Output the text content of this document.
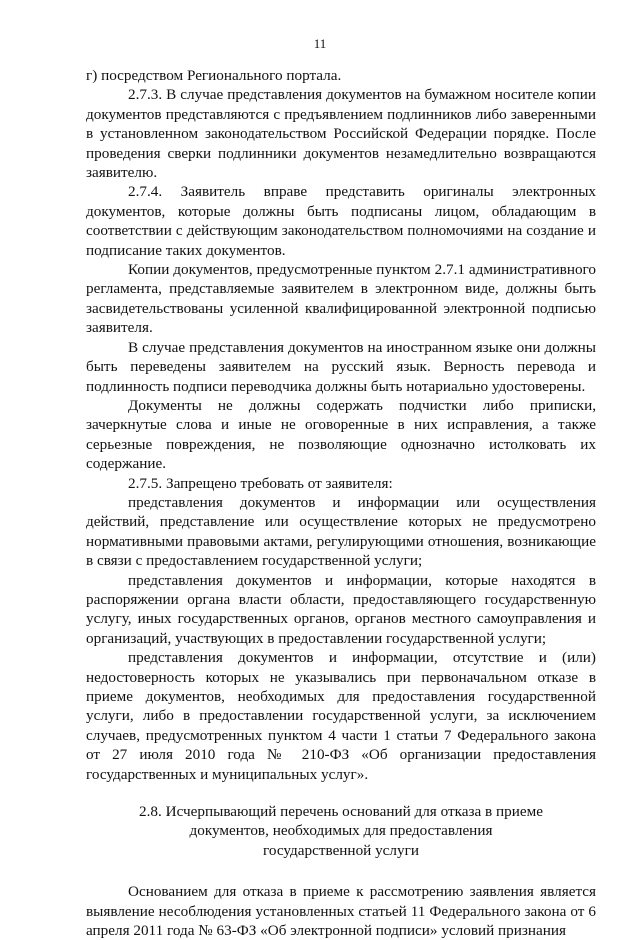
11

г) посредством Регионального портала.

2.7.3. В случае представления документов на бумажном носителе копии документов представляются с предъявлением подлинников либо заверенными в установленном законодательством Российской Федерации порядке. После проведения сверки подлинники документов незамедлительно возвращаются заявителю.

2.7.4. Заявитель вправе представить оригиналы электронных документов, которые должны быть подписаны лицом, обладающим в соответствии с действующим законодательством полномочиями на создание и подписание таких документов.

Копии документов, предусмотренные пунктом 2.7.1 административного регламента, представляемые заявителем в электронном виде, должны быть засвидетельствованы усиленной квалифицированной электронной подписью заявителя.

В случае представления документов на иностранном языке они должны быть переведены заявителем на русский язык. Верность перевода и подлинность подписи переводчика должны быть нотариально удостоверены.

Документы не должны содержать подчистки либо приписки, зачеркнутые слова и иные не оговоренные в них исправления, а также серьезные повреждения, не позволяющие однозначно истолковать их содержание.

2.7.5. Запрещено требовать от заявителя:

представления документов и информации или осуществления действий, представление или осуществление которых не предусмотрено нормативными правовыми актами, регулирующими отношения, возникающие в связи с предоставлением государственной услуги;

представления документов и информации, которые находятся в распоряжении органа власти области, предоставляющего государственную услугу, иных государственных органов, органов местного самоуправления и организаций, участвующих в предоставлении государственной услуги;

представления документов и информации, отсутствие и (или) недостоверность которых не указывались при первоначальном отказе в приеме документов, необходимых для предоставления государственной услуги, либо в предоставлении государственной услуги, за исключением случаев, предусмотренных пунктом 4 части 1 статьи 7 Федерального закона от 27 июля 2010 года № 210-ФЗ «Об организации предоставления государственных и муниципальных услуг».

2.8. Исчерпывающий перечень оснований для отказа в приеме
документов, необходимых для предоставления
государственной услуги

Основанием для отказа в приеме к рассмотрению заявления является выявление несоблюдения установленных статьей 11 Федерального закона от 6 апреля 2011 года № 63-ФЗ «Об электронной подписи» условий признания
